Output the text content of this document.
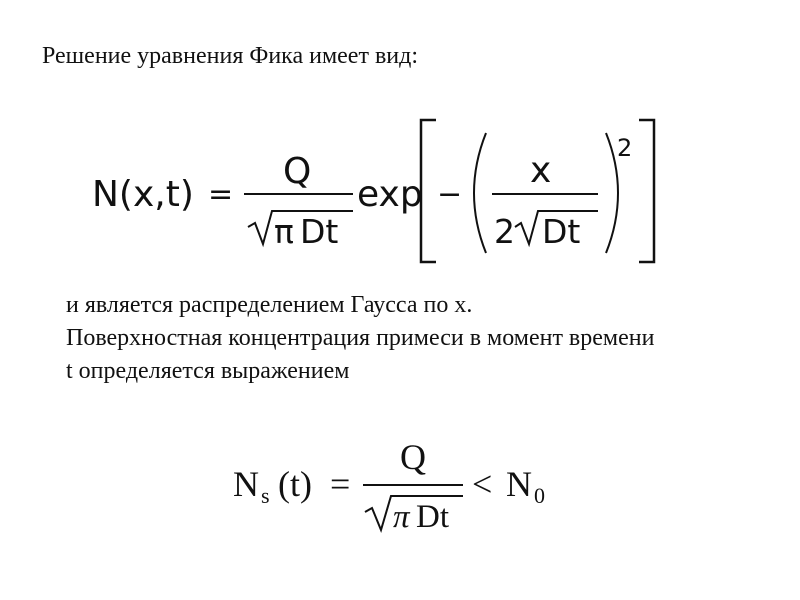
Решение уравнения Фика имеет вид:
N(x,t) =
Q
π Dt
exp −
x
2 Dt
2
и является распределением Гаусса по х.
Поверхностная концентрация примеси в момент времени
t определяется выражением
N s (t) =
Q
π Dt
< N 0
